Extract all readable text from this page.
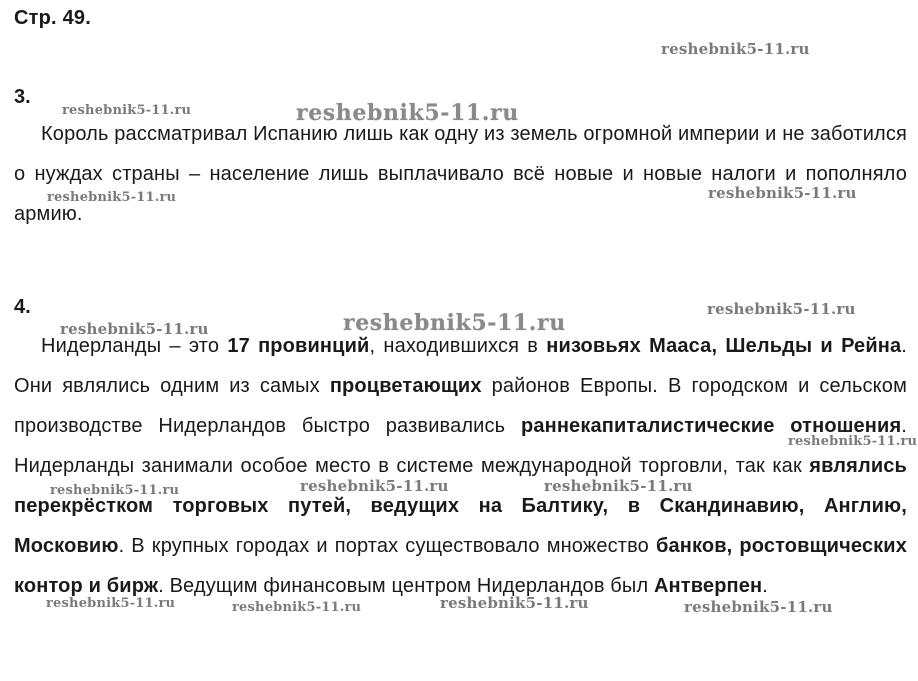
Стр. 49.
3.
Король рассматривал Испанию лишь как одну из земель огромной империи и не заботился о нуждах страны – население лишь выплачивало всё новые и новые налоги и пополняло армию.
4.
Нидерланды – это 17 провинций, находившихся в низовьях Мааса, Шельды и Рейна. Они являлись одним из самых процветающих районов Европы. В городском и сельском производстве Нидерландов быстро развивались раннекапиталистические отношения. Нидерланды занимали особое место в системе международной торговли, так как являлись перекрёстком торговых путей, ведущих на Балтику, в Скандинавию, Англию, Московию. В крупных городах и портах существовало множество банков, ростовщических контор и бирж. Ведущим финансовым центром Нидерландов был Антверпен.
reshebnik5-11.ru
reshebnik5-11.ru	reshebnik5-11.ru
reshebnik5-11.ru	reshebnik5-11.ru
reshebnik5-11.ru
reshebnik5-11.ru	reshebnik5-11.ru
reshebnik5-11.ru
reshebnik5-11.ru	reshebnik5-11.ru	reshebnik5-11.ru
reshebnik5-11.ru	reshebnik5-11.ru	reshebnik5-11.ru	reshebnik5-11.ru
